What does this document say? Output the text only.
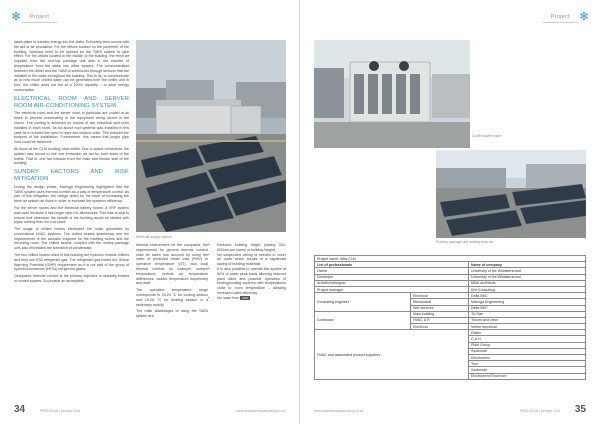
✻	Project

takes place to transfer energy into the slabs. Emissivity then occurs with the aid of air circulation. For the offices located on the perimeter of the building, windows need to be opened for the TABS system to take effect. For the offices located in the middle of the building, the fresh air supplied from the roof-top package unit aids in the transfer of temperature from the slabs into office spaces. The communication between the chiller and the TABS is continuous through sensors that are installed in the slabs throughout the building. This in its, to communicate as to how much chilled water can be generated from the chiller and in turn, the chiller does not run at a 100% capacity – to save energy consumption.

ELECTRICAL ROOM AND SERVER ROOM AIR-CONDITIONING SYSTEM

The electrical room and the server room in particular are cooled at all times to prevent overheating of the equipment being stored in the rooms. The cooling is achieved by means of two individual split units installed in each room. As no above roof systems was installed in this case as it reduced the need to have two outdoor units. This reduced the footprint of the installation. Furthermore, this meant that longer pipe runs could be achieved.

All floors at the CLM building have toilets. Due to space constraints, the system was forced to use one extraction air fan for both sides of the toilets. That is, one fan extracts from the male and female side of the building.

SUNDRY FACTORS AND RISK MITIGATION

During the design phase, Maringa Engineering highlighted that the TABS system uses thermal comfort as a way of temperature control. As part of risk mitigation, the design opted for the route of increasing the fresh air system air flows in order to increase the system's efficiency.

For the server rooms and the electrical battery rooms, a VRF system was used because it has longer pipe run allowances. This was crucial to ensure that otherwise the facade of the building would be tainted with pipes coming from the roof plant.

The usage of chilled beams eliminated the noise generated by conventional HVAC systems. The chilled beams seamlessly met the requirements of the acoustic engineer for the meeting rooms and the recording room. The chilled beams, coupled with the rooftop package unit, also eliminated the formation of condensate.

The two chilled beams used in this building are hydronic module chillers and they use R32 refrigerant gas. The refrigerant gas meets the Global Warming Potential (GWP) requirement as it is not part of the group of hydrofluorocarbons (HFCs) refrigerant gases.

Occupants' thermal comfort is the primary objective in radiantly heated or cooled spaces. So provide an acceptable

Fresh air supply system

thermal environment for the occupants, the requirements for general thermal comfort shall be taken into account by using the index of predicted mean vote (PMV) or operative temperature (OT), and local thermal comfort, for example, surface temperature, vertical air temperature differences, radiant temperature asymmetry and draft.

The operative temperature range corresponds to 20-24 °C for cooling season and 19-26 °C for heating season in a sedentary activity.

The main advantages of using the TABS system are:

• Reduced building height (saving 300-600mm per storey of building height)
• No suspended ceiling is needed to cover air ducts which results in a significant saving of building materials
• It is also possible to operate the system at 50% of lower peak loads allowing reduced plant sizes and possible operation of heating/cooling systems with temperatures close to room temperature – allowing increased plant efficiency
• No noise from END
34	PROLOGUE | January 2014	www.proacademiaconsulting.co.za
✻
Project
Cooled water chiller
Rooftop package unit hosting fresh air
Project name: Wits CLM		
List of professionals		Name of company
Owner		University of the Witwatersrand
Developer		University of the Witwatersrand
Architect/designer		MMA architects
Project manager		KHI Consulting
Consulting engineer	Electrical	Delta BEC
	Mechanical	Maringa Engineering
	Wet services	Delta BEC
Contractor	Main building	Tri-Star
	HVAC & R	Tricorn and crew
	Electrical	Venter electrical
HVAC and associated product suppliers		Daikin
		C.A.H.
		Plakt Group
		Systemair
		Electrowerx
		Trox
		Systemair
		Electrowerx/Tecomore
www.proacademiaconsulting.co.za	PROLOGUE | January 2014 35
